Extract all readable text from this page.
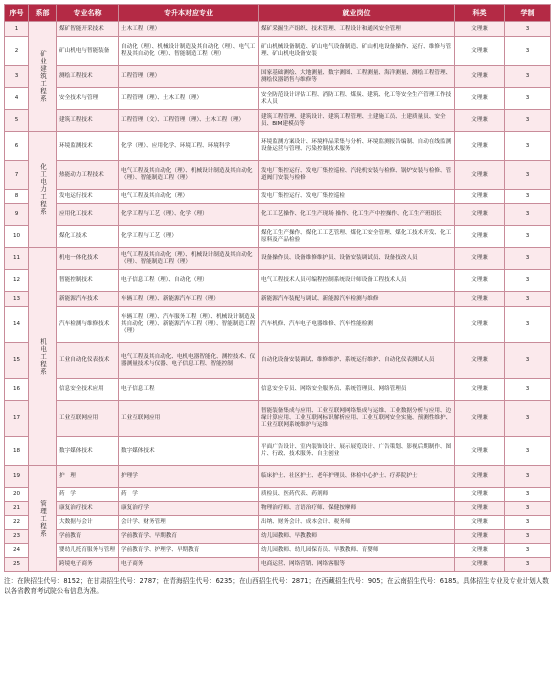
序号	系部	专业名称	专升本对应专业	就业岗位	科类	学制
1	矿业建筑工程系	煤矿智能开采技术	土木工程（理）	煤矿采掘生产组织、技术管理、工程设计和通风安全管理	文理兼	3
2		矿山机电与智能装备	自动化（理）、机械设计制造及其自动化（理）、电气工程及其自动化（理）、智能制造工程（理）	矿山机械设备制造、矿山电气设备制造、矿山机电设备操作、运行、维修与管理、矿山机电设备安装	文理兼	3
3		测绘工程技术	工程管理（理）	国家基础测绘、大地测量、数字测图、工程测量、海洋测量、测绘工程管理、测绘仪器销售与维修等	文理兼	3
4		安全技术与管理	工程管理（理）、土木工程（理）	安全防范设计评估工程、消防工程、煤炭、建筑、化工等安全生产管理工作技术人员	文理兼	3
5		建筑工程技术	工程管理（文）、工程管理（理）、土木工程（理）	建筑工程管理、建筑设计、建筑工程管理、土建施工员、土建质量员、安全员、BIM建模员等	文理兼	3
6	化工电力工程系	环境监测技术	化学（理）、应用化学、环境工程、环境科学	环境监测方案设计、环境样品采集与分析、环境监测报告编制、自动在线监测设备运营与管理、污染控制技术服务	文理兼	3
7		热能动力工程技术	电气工程及其自动化（理）、机械设计制造及其自动化（理）、智能制造工程（理）	发电厂集控运行、发电厂集控巡检、汽轮机安装与检修、锅炉安装与检修、管道阀门安装与检修	文理兼	3
8		发电运行技术	电气工程及其自动化（理）	发电厂集控运行、发电厂集控巡检	文理兼	3
9		应用化工技术	化学工程与工艺（理）、化学（理）	化工工艺操作、化工生产现场 操作、化工生产中控操作、化工生产班组长	文理兼	3
10		煤化工技术	化学工程与工艺（理）	煤化工生产操作、煤化工工艺管理、煤化工安全管理、煤化工技术开发、化工原料及产品检验	文理兼	3
11	机电工程系	机电一体化技术	电气工程及其自动化（理）、机械设计制造及其自动化（理）、智能制造工程（理）	设备操作员、设备维修维护员、设备安装调试员、设备技改人员	文理兼	3
12		智能控制技术	电子信息工程（理）、自动化（理）	电气工程技术人员可编程控制系统设计师设备工程技术人员	文理兼	3
13		新能源汽车技术	车辆工程（理）、新能源汽车工程（理）	新能源汽车装配与调试、新能源汽车检测与维修	文理兼	3
14		汽车检测与维修技术	车辆工程（理）、汽车服务工程（理）、机械设计制造及其自动化（理）、新能源汽车工程（理）、智能制造工程（理）	汽车机修、汽车电子电器维修、汽车性能检测	文理兼	3
15		工业自动化仪表技术	电气工程及其自动化、电机电器智能化、测控技术、仪器测量技术与仪器、电子信息工程、智能控制	自动化设备安装调试、维修维护、系统运行维护、自动化仪表测试人员	文理兼	3
16		信息安全技术应用	电子信息工程	信息安全专员、网络安全服务员、系统管理员、网络管理员	文理兼	3
17		工业互联网应用	工业互联网应用	智能装备集成与应用、工业互联网网络集成与运维、工业数据分析与应用、边缘计算应用、工业互联网标识解析应用、工业互联网安全实施、预测性维护、工业互联网系统维护与运维	文理兼	3
18		数字媒体技术	数字媒体技术	平面广告设计、室内装饰设计、展示展览设计、广告策划、影视后期制作、图片、行政、技术服务、自主创业	文理兼	3
19	管理工程系	护　理	护理学	临床护士、社区护士、老年护理员、体检中心护士、疗养院护士	文理兼	3
20		药　学	药　学	质检员、医药代表、药剂师	文理兼	3
21		康复治疗技术	康复治疗学	物理治疗师、言语治疗师、保健按摩师	文理兼	3
22		大数据与会计	会计学、财务管理	出纳、财务会计、成本会计、税务师	文理兼	3
23		学前教育	学前教育学、早期教育	幼儿园教师、早教教师	文理兼	3
24		婴幼儿托育服务与管理	学前教育学、护理学、早期教育	幼儿园教师、幼儿园保育员、早教教师、育婴师	文理兼	3
25		跨境电子商务	电子商务	电商运营、网络营销、网络客服等	文理兼	3
注：在陕招生代号：8152；在甘肃招生代号：2787；在青海招生代号：6235；在山西招生代号：2871；在西藏招生代号：905；在云南招生代号：6185。具体招生专业及专业计划人数以各省教育考试院公布信息为准。
